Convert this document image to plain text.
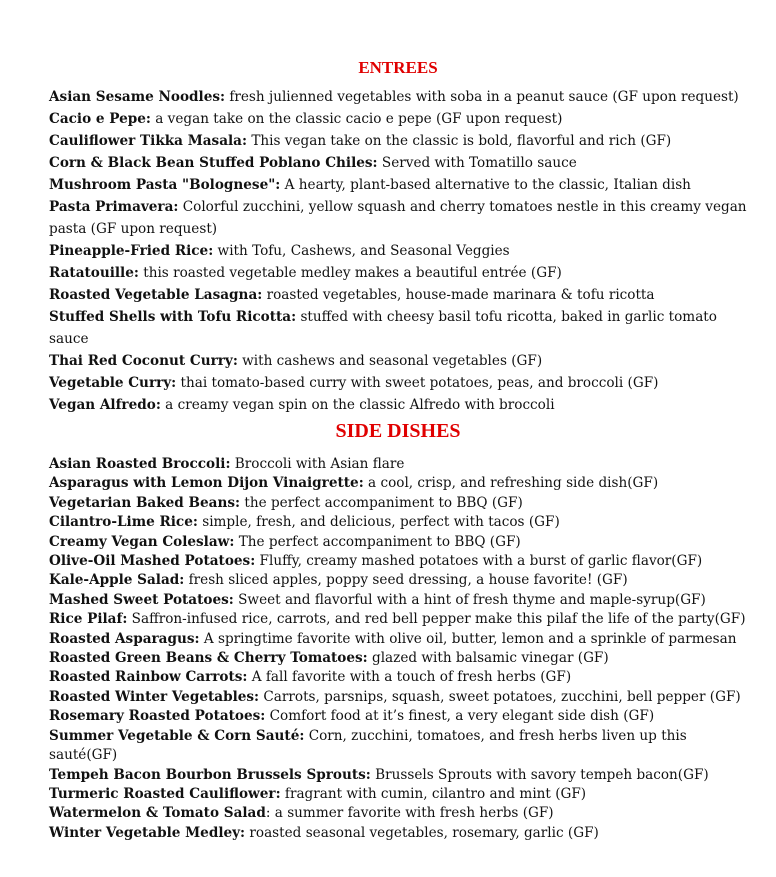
ENTREES
Asian Sesame Noodles: fresh julienned vegetables with soba in a peanut sauce (GF upon request)
Cacio e Pepe: a vegan take on the classic cacio e pepe (GF upon request)
Cauliflower Tikka Masala: This vegan take on the classic is bold, flavorful and rich (GF)
Corn & Black Bean Stuffed Poblano Chiles: Served with Tomatillo sauce
Mushroom Pasta "Bolognese": A hearty, plant-based alternative to the classic, Italian dish
Pasta Primavera: Colorful zucchini, yellow squash and cherry tomatoes nestle in this creamy vegan pasta (GF upon request)
Pineapple-Fried Rice: with Tofu, Cashews, and Seasonal Veggies
Ratatouille: this roasted vegetable medley makes a beautiful entrée (GF)
Roasted Vegetable Lasagna: roasted vegetables, house-made marinara & tofu ricotta
Stuffed Shells with Tofu Ricotta: stuffed with cheesy basil tofu ricotta, baked in garlic tomato sauce
Thai Red Coconut Curry: with cashews and seasonal vegetables (GF)
Vegetable Curry: thai tomato-based curry with sweet potatoes, peas, and broccoli (GF)
Vegan Alfredo: a creamy vegan spin on the classic Alfredo with broccoli
SIDE DISHES
Asian Roasted Broccoli: Broccoli with Asian flare
Asparagus with Lemon Dijon Vinaigrette: a cool, crisp, and refreshing side dish(GF)
Vegetarian Baked Beans: the perfect accompaniment to BBQ (GF)
Cilantro-Lime Rice: simple, fresh, and delicious, perfect with tacos (GF)
Creamy Vegan Coleslaw: The perfect accompaniment to BBQ (GF)
Olive-Oil Mashed Potatoes: Fluffy, creamy mashed potatoes with a burst of garlic flavor(GF)
Kale-Apple Salad: fresh sliced apples, poppy seed dressing, a house favorite! (GF)
Mashed Sweet Potatoes: Sweet and flavorful with a hint of fresh thyme and maple-syrup(GF)
Rice Pilaf: Saffron-infused rice, carrots, and red bell pepper make this pilaf the life of the party(GF)
Roasted Asparagus: A springtime favorite with olive oil, butter, lemon and a sprinkle of parmesan
Roasted Green Beans & Cherry Tomatoes: glazed with balsamic vinegar (GF)
Roasted Rainbow Carrots: A fall favorite with a touch of fresh herbs (GF)
Roasted Winter Vegetables: Carrots, parsnips, squash, sweet potatoes, zucchini, bell pepper (GF)
Rosemary Roasted Potatoes: Comfort food at it’s finest, a very elegant side dish (GF)
Summer Vegetable & Corn Sauté: Corn, zucchini, tomatoes, and fresh herbs liven up this sauté(GF)
Tempeh Bacon Bourbon Brussels Sprouts: Brussels Sprouts with savory tempeh bacon(GF)
Turmeric Roasted Cauliflower: fragrant with cumin, cilantro and mint (GF)
Watermelon & Tomato Salad: a summer favorite with fresh herbs (GF)
Winter Vegetable Medley: roasted seasonal vegetables, rosemary, garlic (GF)
